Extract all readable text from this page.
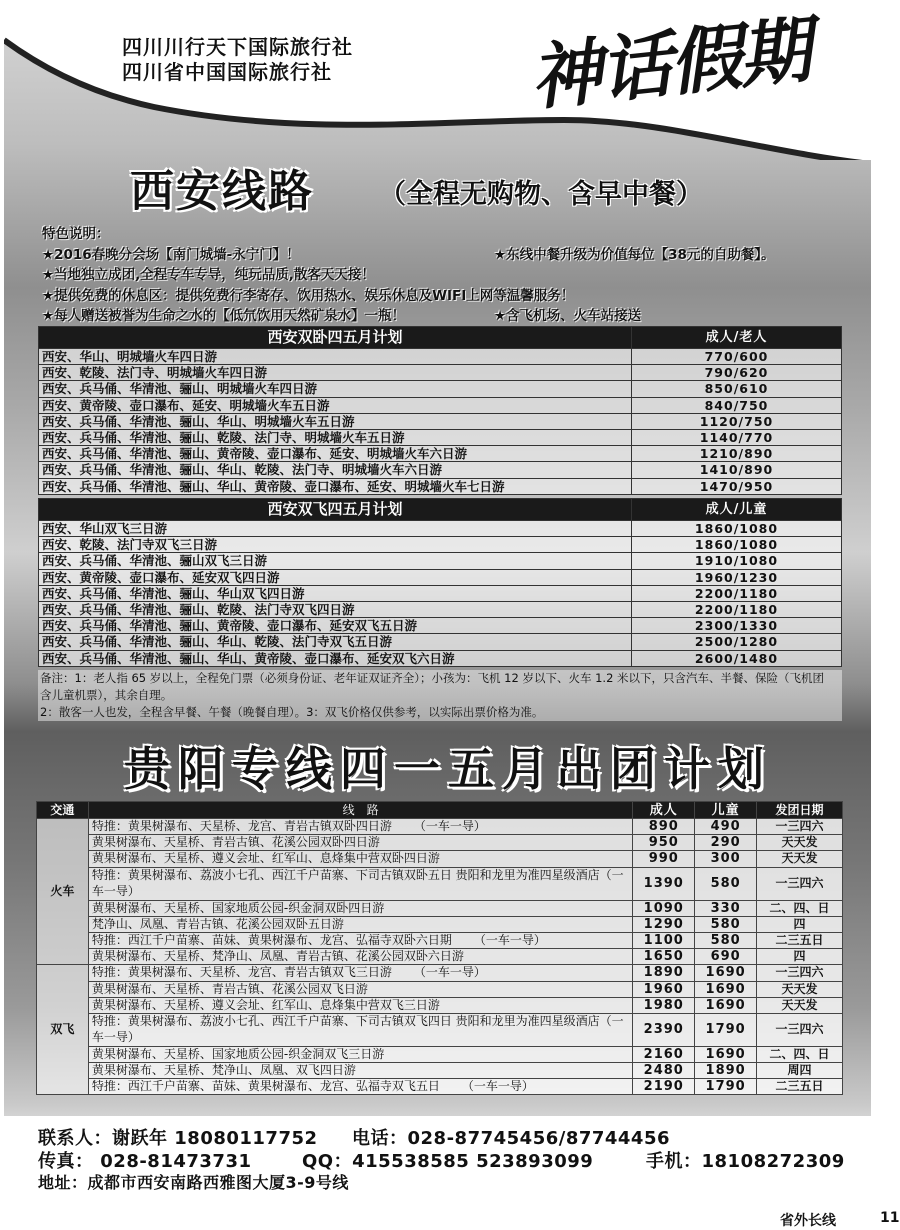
四川川行天下国际旅行社
四川省中国国际旅行社	神话假期
西安线路 （全程无购物、含早中餐）
特色说明：
★2016春晚分会场【南门城墙-永宁门】！	★东线中餐升级为价值每位【38元的自助餐】。
★当地独立成团,全程专车专导，纯玩品质,散客天天接！
★提供免费的休息区：提供免费行李寄存、饮用热水、娱乐休息及WIFI上网等温馨服务！
★每人赠送被誉为生命之水的【低氘饮用天然矿泉水】一瓶！	★含飞机场、火车站接送
西安双卧四五月计划	成人/老人
西安、华山、明城墙火车四日游	770/600
西安、乾陵、法门寺、明城墙火车四日游	790/620
西安、兵马俑、华清池、骊山、明城墙火车四日游	850/610
西安、黄帝陵、壶口瀑布、延安、明城墙火车五日游	840/750
西安、兵马俑、华清池、骊山、华山、明城墙火车五日游	1120/750
西安、兵马俑、华清池、骊山、乾陵、法门寺、明城墙火车五日游	1140/770
西安、兵马俑、华清池、骊山、黄帝陵、壶口瀑布、延安、明城墙火车六日游	1210/890
西安、兵马俑、华清池、骊山、华山、乾陵、法门寺、明城墙火车六日游	1410/890
西安、兵马俑、华清池、骊山、华山、黄帝陵、壶口瀑布、延安、明城墙火车七日游	1470/950
西安双飞四五月计划	成人/儿童
西安、华山双飞三日游	1860/1080
西安、乾陵、法门寺双飞三日游	1860/1080
西安、兵马俑、华清池、骊山双飞三日游	1910/1080
西安、黄帝陵、壶口瀑布、延安双飞四日游	1960/1230
西安、兵马俑、华清池、骊山、华山双飞四日游	2200/1180
西安、兵马俑、华清池、骊山、乾陵、法门寺双飞四日游	2200/1180
西安、兵马俑、华清池、骊山、黄帝陵、壶口瀑布、延安双飞五日游	2300/1330
西安、兵马俑、华清池、骊山、华山、乾陵、法门寺双飞五日游	2500/1280
西安、兵马俑、华清池、骊山、华山、黄帝陵、壶口瀑布、延安双飞六日游	2600/1480
备注：1：老人指 65 岁以上，全程免门票（必须身份证、老年证双证齐全）；小孩为：飞机 12 岁以下、火车 1.2 米以下，只含汽车、半餐、保险（飞机团
含儿童机票），其余自理。
2：散客一人也发，全程含早餐、午餐（晚餐自理）。3：双飞价格仅供参考，以实际出票价格为准。
贵阳专线四一五月出团计划
交通	线　路	成人	儿童	发团日期
火车	特推：黄果树瀑布、天星桥、龙宫、青岩古镇双卧四日游 （一车一导）	890	490	一三四六
	黄果树瀑布、天星桥、青岩古镇、花溪公园双卧四日游	950	290	天天发
	黄果树瀑布、天星桥、遵义会址、红军山、息烽集中营双卧四日游	990	300	天天发
	特推：黄果树瀑布、荔波小七孔、西江千户苗寨、下司古镇双卧五日 贵阳和龙里为准四星级酒店（一车一导）	1390	580	一三四六
	黄果树瀑布、天星桥、国家地质公园-织金洞双卧四日游	1090	330	二、四、日
	梵净山、凤凰、青岩古镇、花溪公园双卧五日游	1290	580	四
	特推：西江千户苗寨、苗妹、黄果树瀑布、龙宫、弘福寺双卧六日期 （一车一导）	1100	580	二三五日
	黄果树瀑布、天星桥、梵净山、凤凰、青岩古镇、花溪公园双卧六日游	1650	690	四
双飞	特推：黄果树瀑布、天星桥、龙宫、青岩古镇双飞三日游 （一车一导）	1890	1690	一三四六
	黄果树瀑布、天星桥、青岩古镇、花溪公园双飞日游	1960	1690	天天发
	黄果树瀑布、天星桥、遵义会址、红军山、息烽集中营双飞三日游	1980	1690	天天发
	特推：黄果树瀑布、荔波小七孔、西江千户苗寨、下司古镇双飞四日 贵阳和龙里为准四星级酒店（一车一导）	2390	1790	一三四六
	黄果树瀑布、天星桥、国家地质公园-织金洞双飞三日游	2160	1690	二、四、日
	黄果树瀑布、天星桥、梵净山、凤凰、双飞四日游	2480	1890	周四
	特推：西江千户苗寨、苗妹、黄果树瀑布、龙宫、弘福寺双飞五日 （一车一导）	2190	1790	二三五日
联系人：谢跃年 18080117752 电话：028-87745456/87744456
传真： 028-81473731	QQ：415538585 523893099	手机：18108272309
地址：成都市西安南路西雅图大厦3-9号线
省外长线	11
